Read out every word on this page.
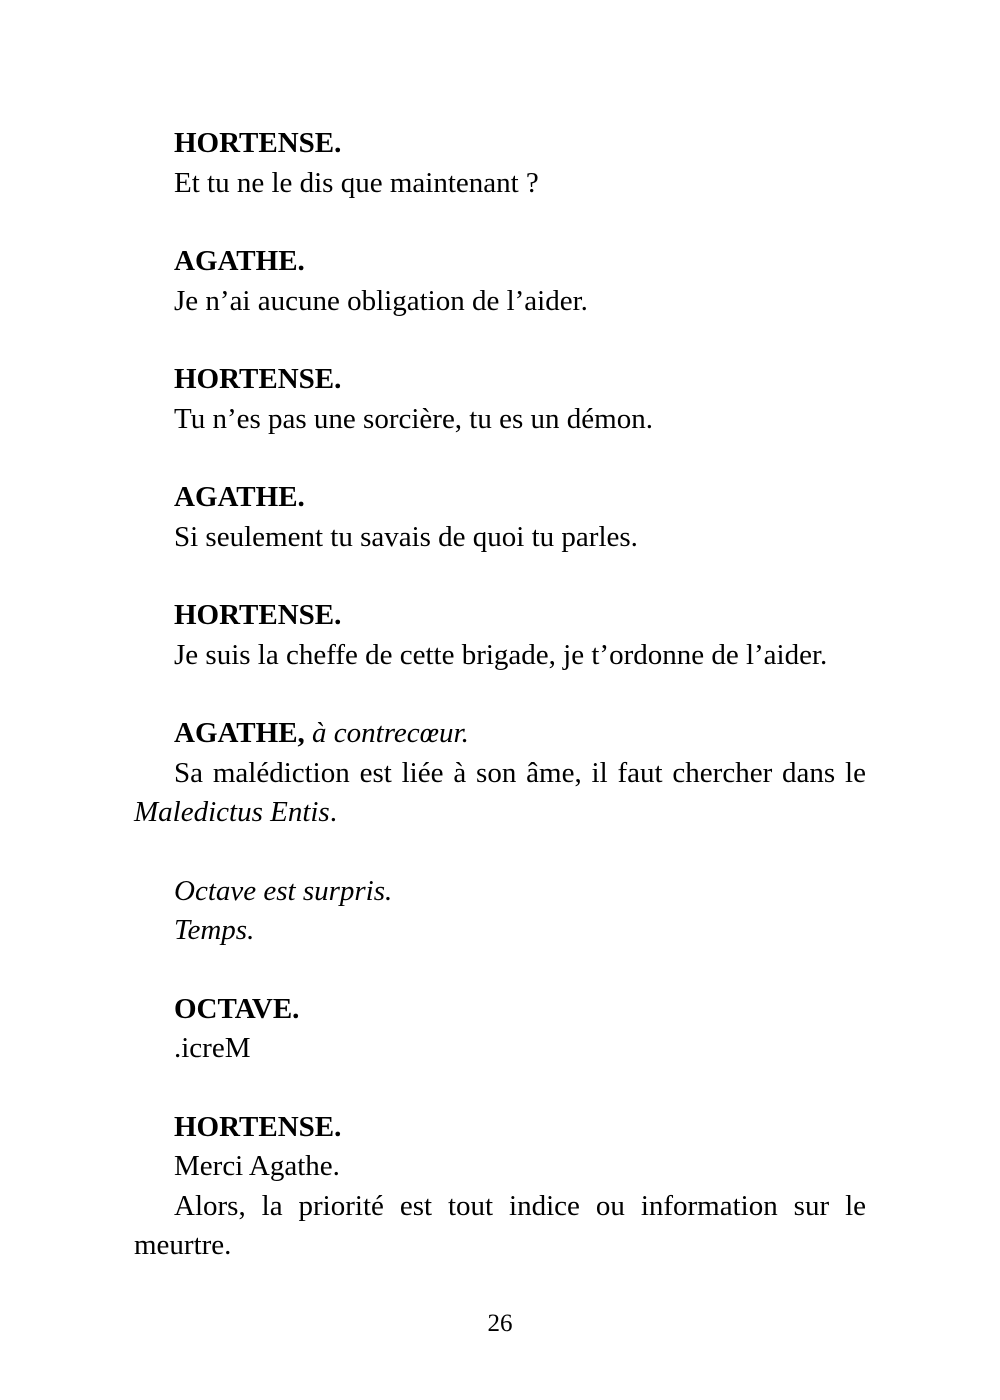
HORTENSE.
Et tu ne le dis que maintenant ?
AGATHE.
Je n’ai aucune obligation de l’aider.
HORTENSE.
Tu n’es pas une sorcière, tu es un démon.
AGATHE.
Si seulement tu savais de quoi tu parles.
HORTENSE.
Je suis la cheffe de cette brigade, je t’ordonne de l’aider.
AGATHE, à contrecœur.
Sa malédiction est liée à son âme, il faut chercher dans le Maledictus Entis.
Octave est surpris.
Temps.
OCTAVE.
.icreM
HORTENSE.
Merci Agathe.
Alors, la priorité est tout indice ou information sur le meurtre.
26
